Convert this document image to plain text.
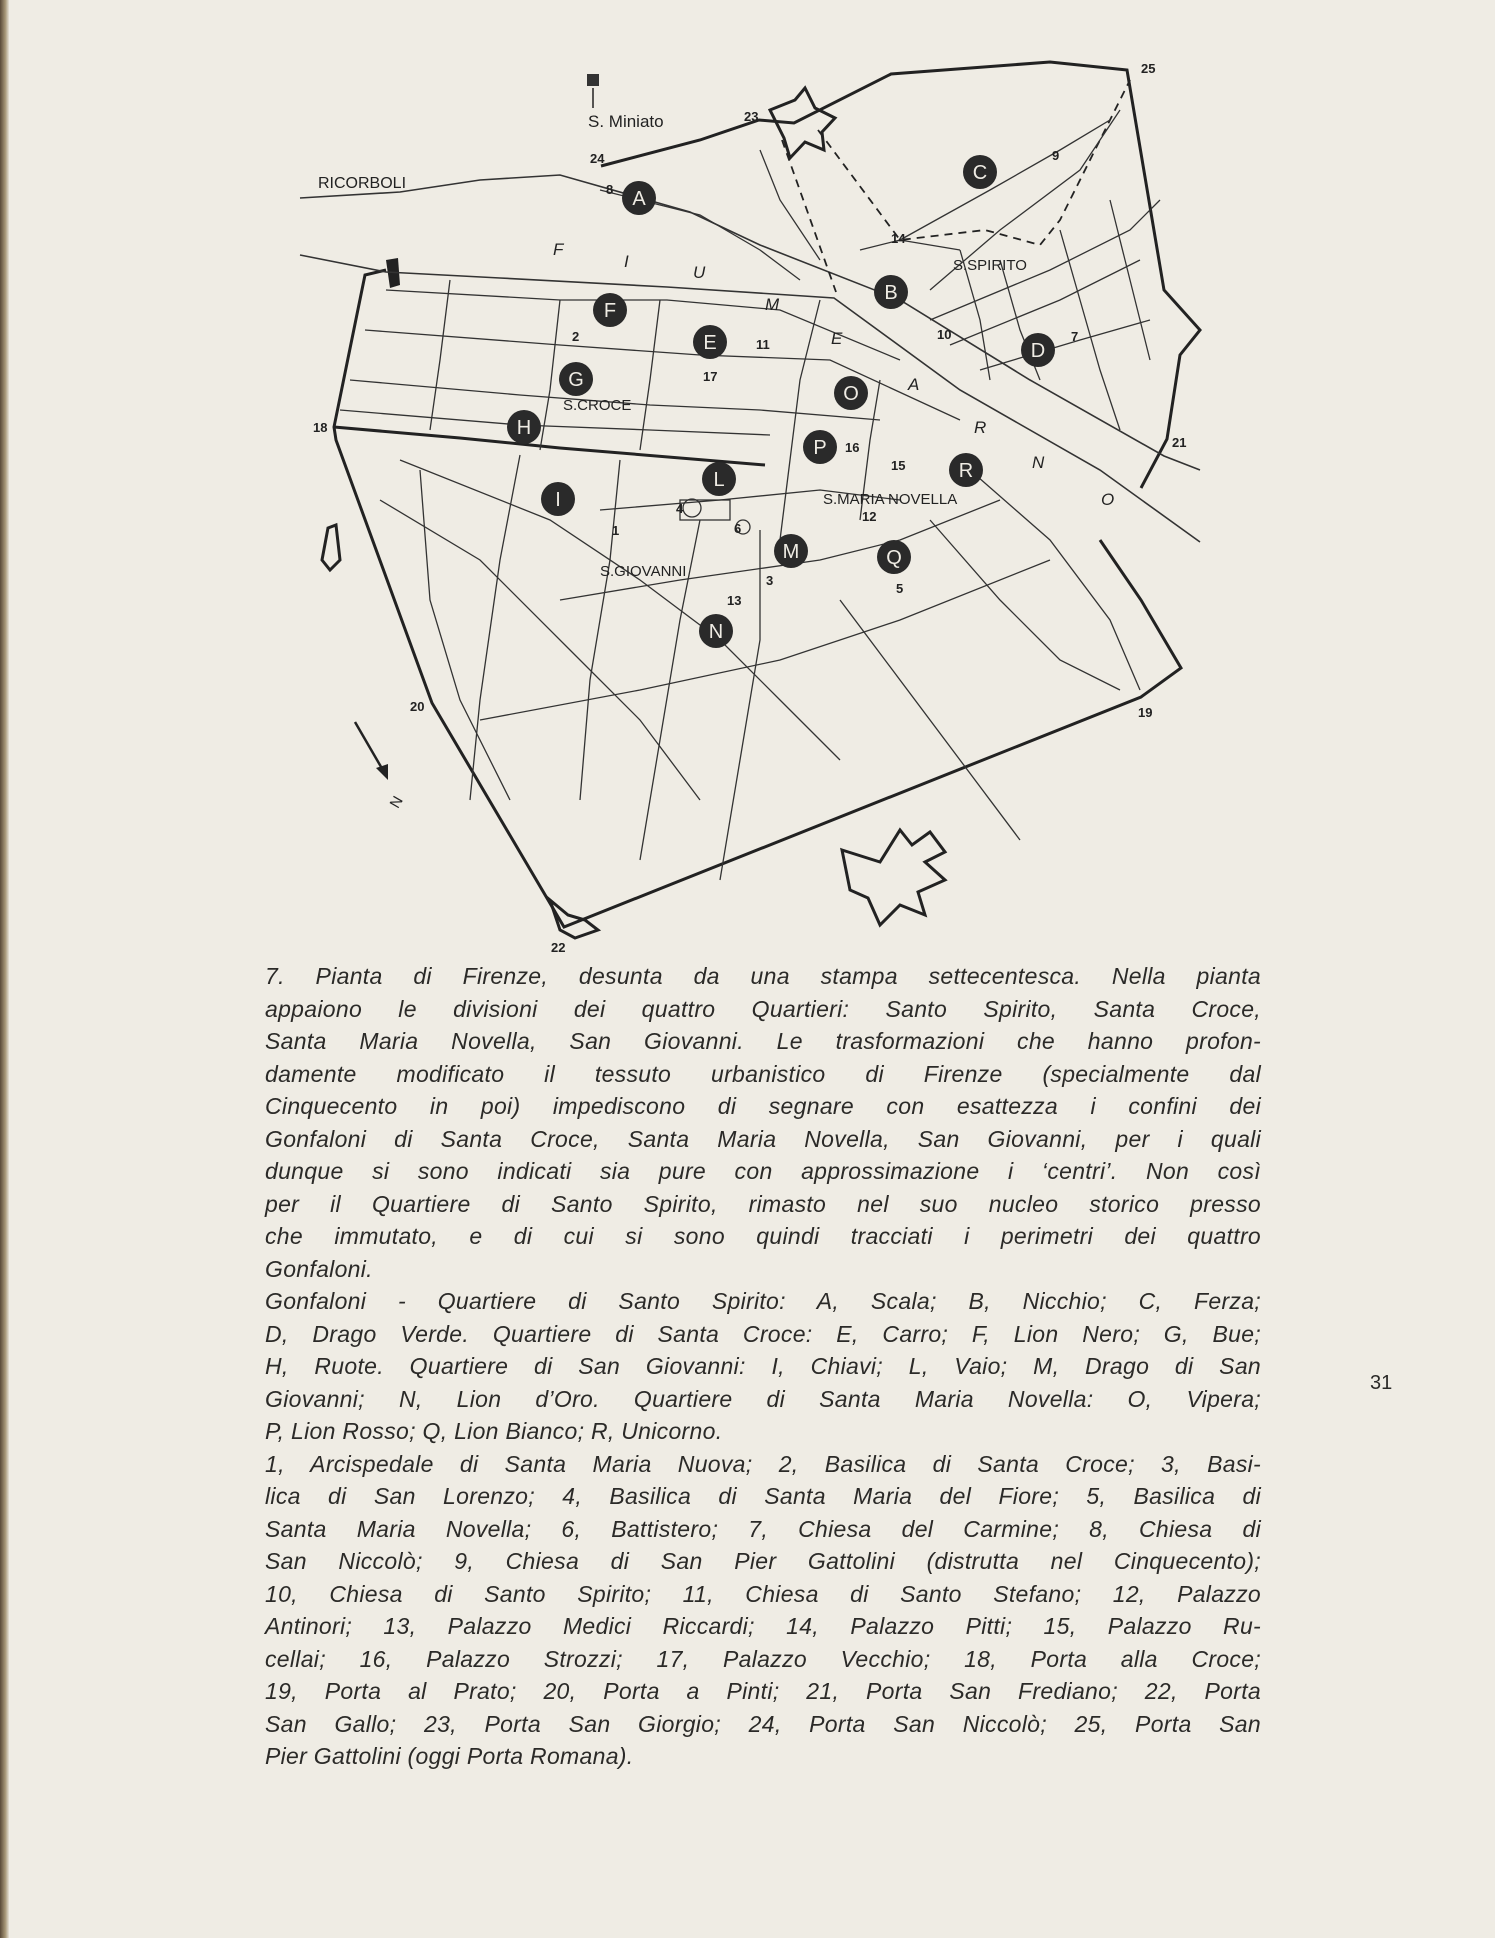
S. Miniato
RICORBOLI
F
I
U
M
E
A
R
N
O
S.SPIRITO
S.CROCE
S.MARIA NOVELLA
S.GIOVANNI
A
B
C
D
E
F
G
H
I
L
M
N
O
P
Q
R
1
2
3
4
5
6
7
8
9
10
11
12
13
14
15
16
17
18
19
20
21
22
23
24
25
N
7. Pianta di Firenze, desunta da una stampa settecentesca. Nella pianta
appaiono le divisioni dei quattro Quartieri: Santo Spirito, Santa Croce,
Santa Maria Novella, San Giovanni. Le trasformazioni che hanno profon-
damente modificato il tessuto urbanistico di Firenze (specialmente dal
Cinquecento in poi) impediscono di segnare con esattezza i confini dei
Gonfaloni di Santa Croce, Santa Maria Novella, San Giovanni, per i quali
dunque si sono indicati sia pure con approssimazione i ‘centri’. Non così
per il Quartiere di Santo Spirito, rimasto nel suo nucleo storico presso
che immutato, e di cui si sono quindi tracciati i perimetri dei quattro
Gonfaloni.
Gonfaloni - Quartiere di Santo Spirito: A, Scala; B, Nicchio; C, Ferza;
D, Drago Verde. Quartiere di Santa Croce: E, Carro; F, Lion Nero; G, Bue;
H, Ruote. Quartiere di San Giovanni: I, Chiavi; L, Vaio; M, Drago di San
Giovanni; N, Lion d’Oro. Quartiere di Santa Maria Novella: O, Vipera;
P, Lion Rosso; Q, Lion Bianco; R, Unicorno.
1, Arcispedale di Santa Maria Nuova; 2, Basilica di Santa Croce; 3, Basi-
lica di San Lorenzo; 4, Basilica di Santa Maria del Fiore; 5, Basilica di
Santa Maria Novella; 6, Battistero; 7, Chiesa del Carmine; 8, Chiesa di
San Niccolò; 9, Chiesa di San Pier Gattolini (distrutta nel Cinquecento);
10, Chiesa di Santo Spirito; 11, Chiesa di Santo Stefano; 12, Palazzo
Antinori; 13, Palazzo Medici Riccardi; 14, Palazzo Pitti; 15, Palazzo Ru-
cellai; 16, Palazzo Strozzi; 17, Palazzo Vecchio; 18, Porta alla Croce;
19, Porta al Prato; 20, Porta a Pinti; 21, Porta San Frediano; 22, Porta
San Gallo; 23, Porta San Giorgio; 24, Porta San Niccolò; 25, Porta San
Pier Gattolini (oggi Porta Romana).
31
